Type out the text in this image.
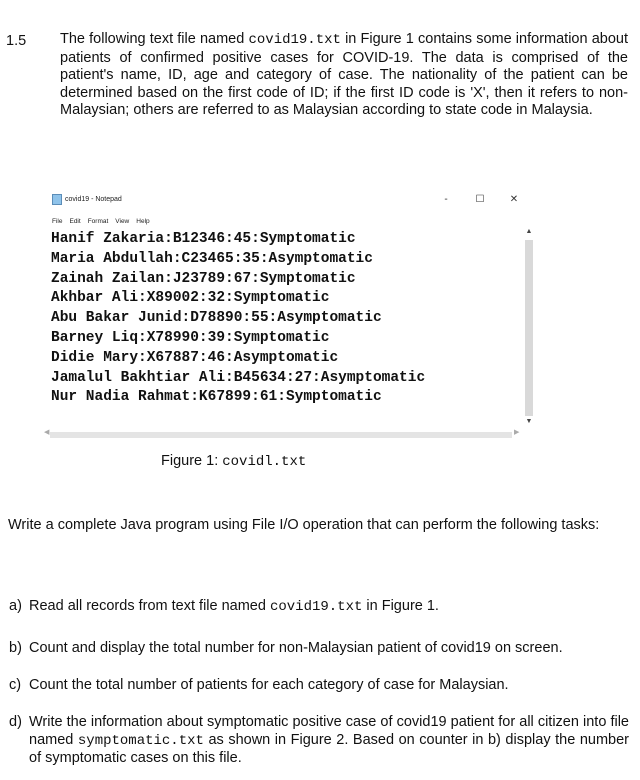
1.5 The following text file named covid19.txt in Figure 1 contains some information about patients of confirmed positive cases for COVID-19. The data is comprised of the patient's name, ID, age and category of case. The nationality of the patient can be determined based on the first code of ID; if the first ID code is 'X', then it refers to non-Malaysian; others are referred to as Malaysian according to state code in Malaysia.
covid19 - Notepad	-	☐	✕
File Edit Format View Help
Hanif Zakaria:B12346:45:Symptomatic
Maria Abdullah:C23465:35:Asymptomatic
Zainah Zailan:J23789:67:Symptomatic
Akhbar Ali:X89002:32:Symptomatic
Abu Bakar Junid:D78890:55:Asymptomatic
Barney Liq:X78990:39:Symptomatic
Didie Mary:X67887:46:Asymptomatic
Jamalul Bakhtiar Ali:B45634:27:Asymptomatic
Nur Nadia Rahmat:K67899:61:Symptomatic
▲
▼
◀	▶
Figure 1: covidl.txt
Write a complete Java program using File I/O operation that can perform the following tasks:
a) Read all records from text file named covid19.txt in Figure 1.
b) Count and display the total number for non-Malaysian patient of covid19 on screen.
c) Count the total number of patients for each category of case for Malaysian.
d) Write the information about symptomatic positive case of covid19 patient for all citizen into file named symptomatic.txt as shown in Figure 2. Based on counter in b) display the number of symptomatic cases on this file.
